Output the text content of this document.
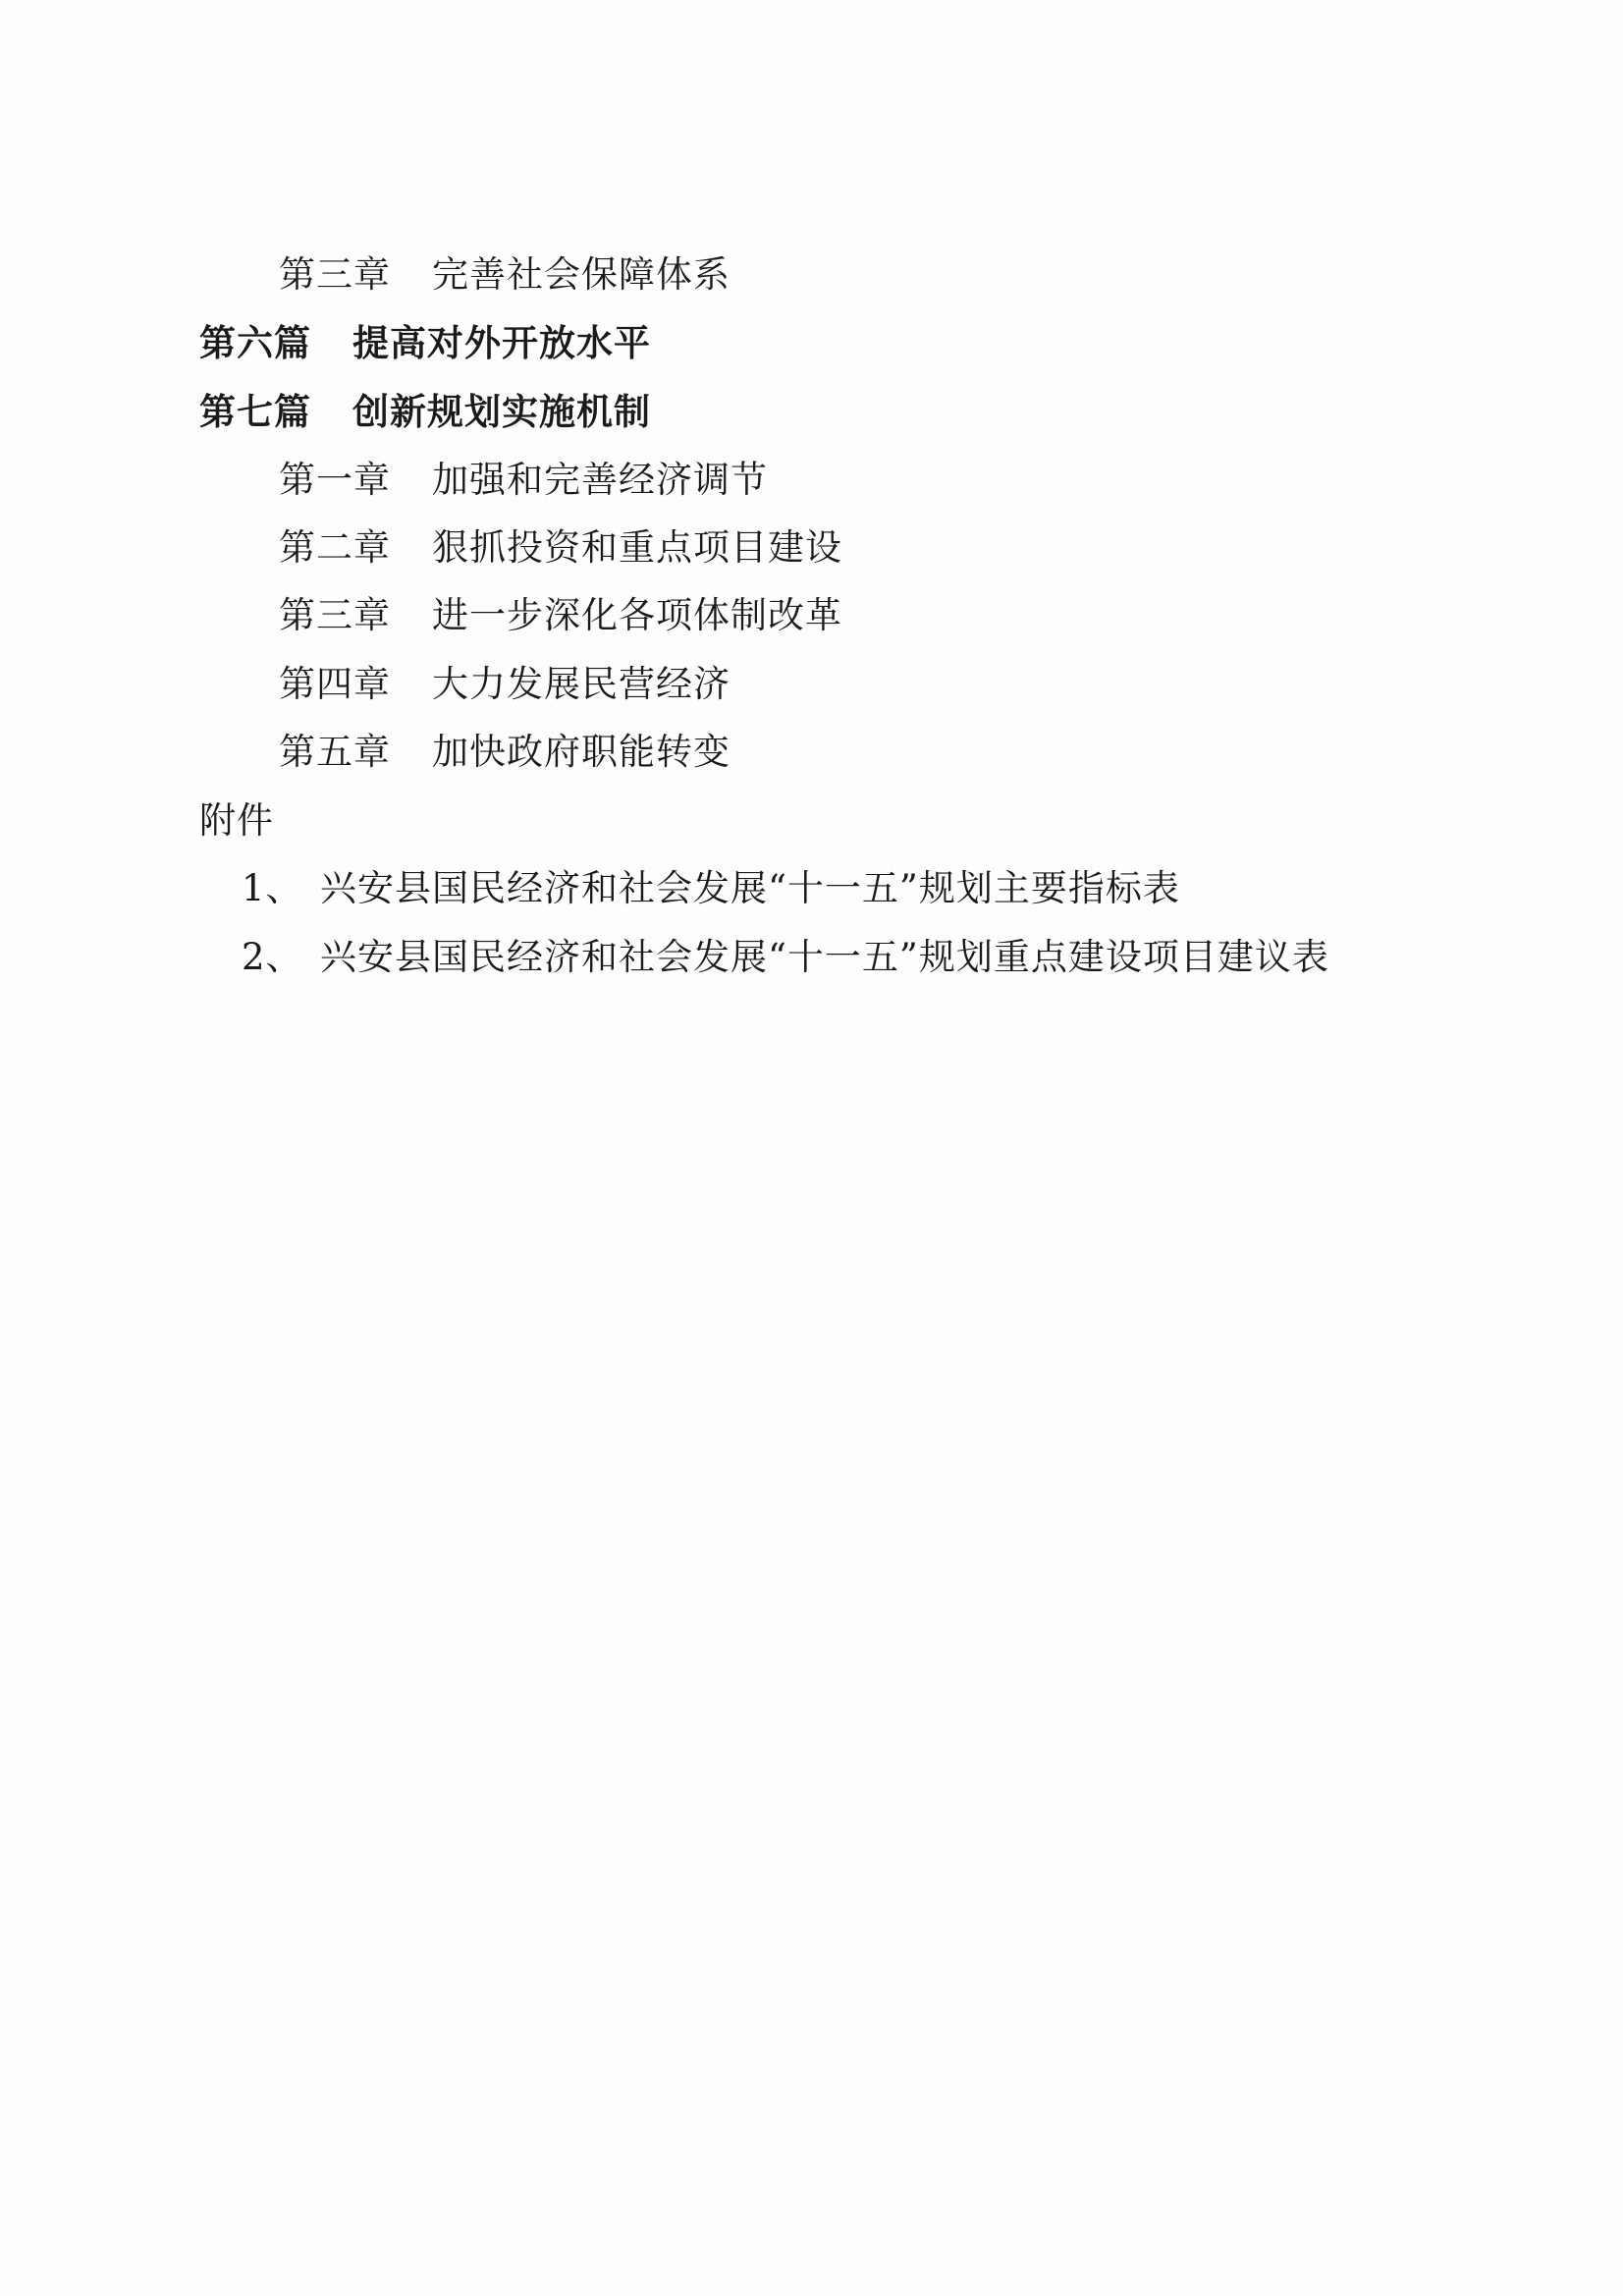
第三章 完善社会保障体系
第六篇 提高对外开放水平
第七篇 创新规划实施机制
第一章 加强和完善经济调节
第二章 狠抓投资和重点项目建设
第三章 进一步深化各项体制改革
第四章 大力发展民营经济
第五章 加快政府职能转变
附件
1、 兴安县国民经济和社会发展“十一五”规划主要指标表
2、 兴安县国民经济和社会发展“十一五”规划重点建设项目建议表
